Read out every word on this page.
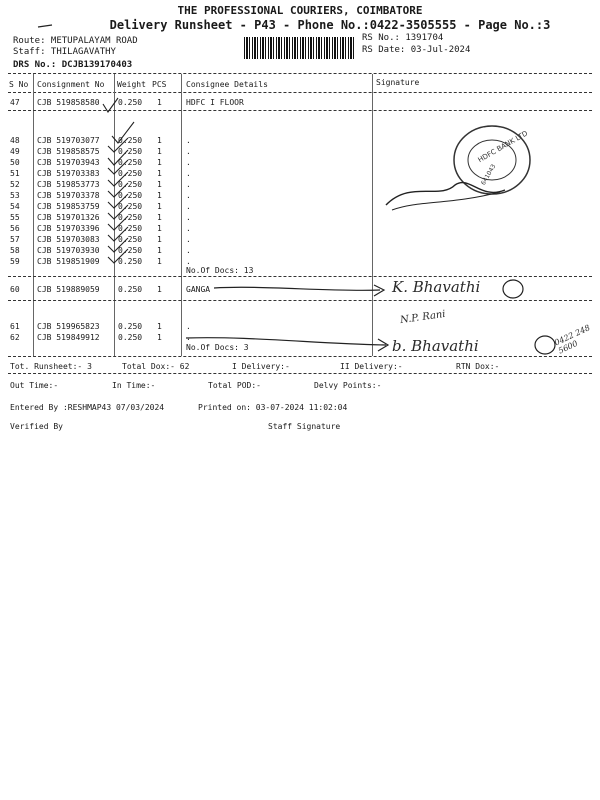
THE PROFESSIONAL COURIERS, COIMBATORE
Delivery Runsheet - P43 - Phone No.:0422-3505555 - Page No.:3
Route: METUPALAYAM ROAD
Staff: THILAGAVATHY
DRS No.: DCJB139170403
RS No.: 1391704
RS Date: 03-Jul-2024
S No Consignment No Weight PCS Consignee Details	Signature
47 CJB 519858580 0.250 1	HDFC I FLOOR
48 CJB 519703077 0.250 1	.
49 CJB 519858575 0.250 1	.
50 CJB 519703943 0.250 1	.
51 CJB 519703383 0.250 1	.
52 CJB 519853773 0.250 1	.
53 CJB 519703378 0.250 1	.
54 CJB 519853759 0.250 1	.
55 CJB 519701326 0.250 1	.
56 CJB 519703396 0.250 1	.
57 CJB 519703083 0.250 1	.
58 CJB 519703930 0.250 1	.
59 CJB 519851909 0.250 1	.
No.Of Docs: 13
60 CJB 519889059 0.250 1	GANGA
61 CJB 519965823 0.250 1	.
62 CJB 519849912 0.250 1	.
No.Of Docs: 3
Tot. Runsheet:- 3	Total Dox:- 62	I Delivery:-	II Delivery:-	RTN Dox:-
Out Time:-	In Time:-	Total POD:-	Delvy Points:-
Entered By :RESHMAP43 07/03/2024	Printed on: 03-07-2024 11:02:04
Verified By	Staff Signature
K. Bhavathi
b. Bhavathi
N.P. Rani
0422 248 5600
HDFC BANK LTD
641043
